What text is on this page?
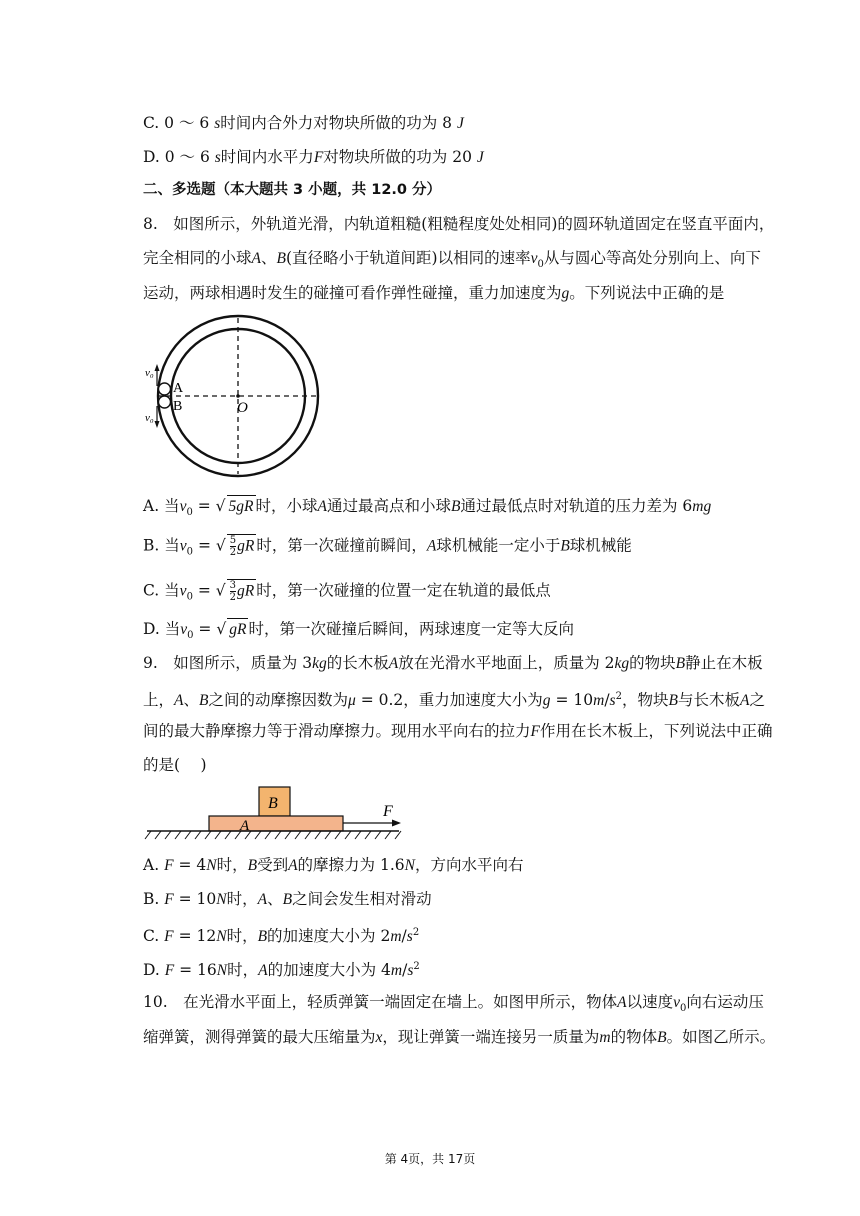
C. 0 ～ 6 s时间内合外力对物块所做的功为 8 J
D. 0 ～ 6 s时间内水平力F对物块所做的功为 20 J
二、多选题（本大题共 3 小题，共 12.0 分）
8.　如图所示，外轨道光滑，内轨道粗糙(粗糙程度处处相同)的圆环轨道固定在竖直平面内，
完全相同的小球A、B(直径略小于轨道间距)以相同的速率$v_0$从与圆心等高处分别向上、向下
运动，两球相遇时发生的碰撞可看作弹性碰撞，重力加速度为g。下列说法中正确的是
v₀
A
B	O
v₀
A. 当$v_0$ = √ 5gR 时，小球A通过最高点和小球B通过最低点时对轨道的压力差为 6mg
B. 当$v_0$ = √ $\frac{5}{2}$ gR 时，第一次碰撞前瞬间，A球机械能一定小于B球机械能
C. 当$v_0$ = √ $\frac{3}{2}$ gR 时，第一次碰撞的位置一定在轨道的最低点
D. 当$v_0$ = √ gR 时，第一次碰撞后瞬间，两球速度一定等大反向
9.　如图所示，质量为 3kg的长木板A放在光滑水平地面上，质量为 2kg的物块B静止在木板
上，A、B之间的动摩擦因数为μ = 0.2，重力加速度大小为$g = 10m/s^2$，物块B与长木板A之
间的最大静摩擦力等于滑动摩擦力。现用水平向右的拉力F作用在长木板上，下列说法中正确
的是(　 )
B
A
F
A. F = 4N时，B受到A的摩擦力为 1.6N，方向水平向右
B. F = 10N时，A、B之间会发生相对滑动
C. F = 12N时，B的加速度大小为 $2m/s^2$
D. F = 16N时，A的加速度大小为 $4m/s^2$
10.　在光滑水平面上，轻质弹簧一端固定在墙上。如图甲所示，物体A以速度$v_0$向右运动压
缩弹簧，测得弹簧的最大压缩量为x，现让弹簧一端连接另一质量为m的物体B。如图乙所示。
第 4页，共 17页
